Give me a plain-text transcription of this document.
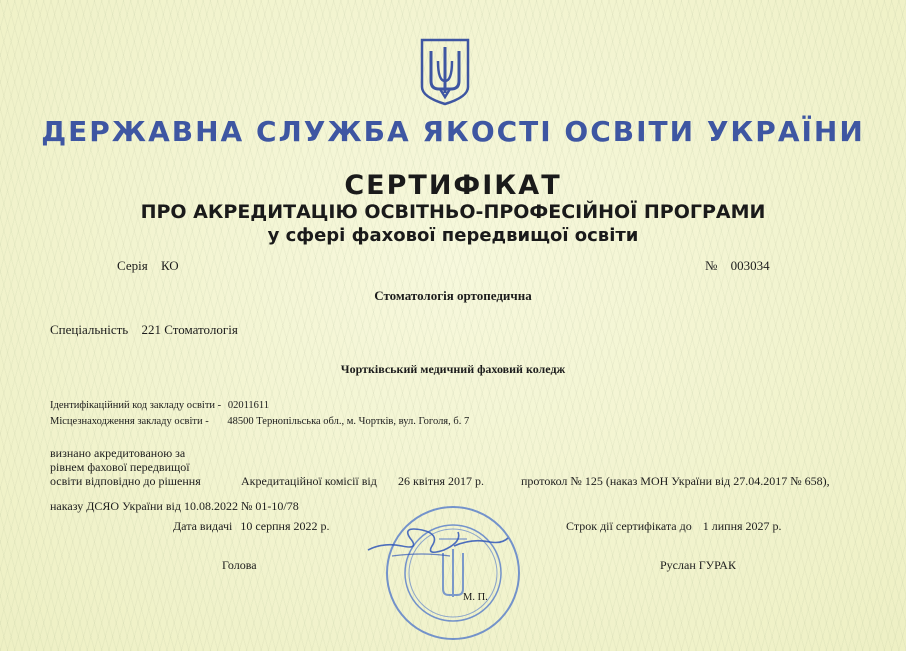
ДЕРЖАВНА СЛУЖБА ЯКОСТІ ОСВІТИ УКРАЇНИ
СЕРТИФІКАТ
ПРО АКРЕДИТАЦІЮ ОСВІТНЬО-ПРОФЕСІЙНОЇ ПРОГРАМИ
у сфері фахової передвищої освіти
Серія КО	№ 003034
Стоматологія ортопедична
Спеціальність 221 Стоматологія
Чортківський медичний фаховий коледж
Ідентифікаційний код закладу освіти - 02011611
Місцезнаходження закладу освіти - 48500 Тернопільська обл., м. Чортків, вул. Гоголя, б. 7
визнано акредитованою за
рівнем фахової передвищої
освіти відповідно до рішення	Акредитаційної комісії від 26 квітня 2017 р.	протокол № 125 (наказ МОН України від 27.04.2017 № 658),
наказу ДСЯО України від 10.08.2022 № 01-10/78
Дата видачі 10 серпня 2022 р.	Строк дії сертифіката до 1 липня 2027 р.
Голова	Руслан ГУРАК
М. П.
